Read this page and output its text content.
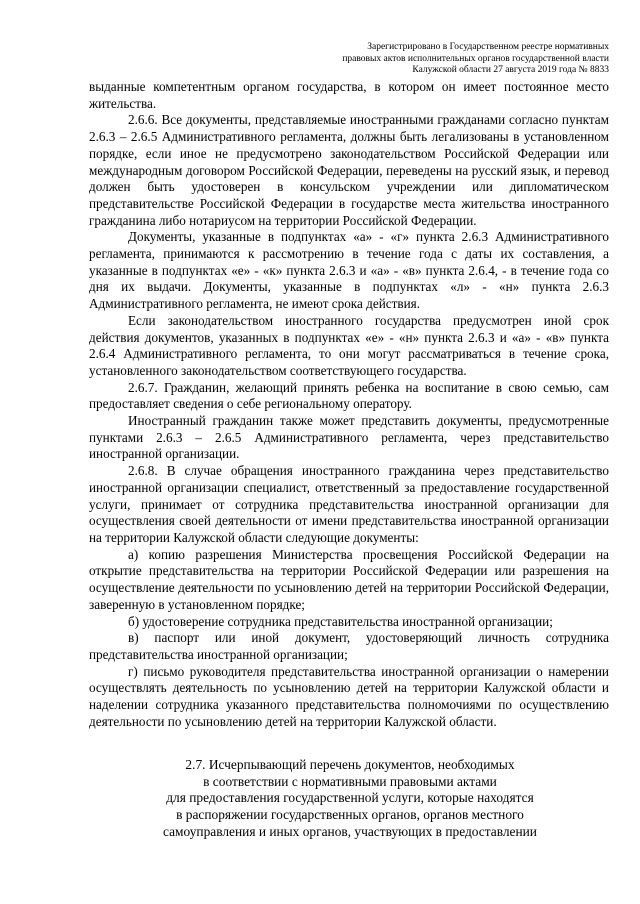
Зарегистрировано в Государственном реестре нормативных
правовых актов исполнительных органов государственной власти
Калужской области 27 августа 2019 года № 8833

выданные компетентным органом государства, в котором он имеет постоянное место жительства.

2.6.6. Все документы, представляемые иностранными гражданами согласно пунктам 2.6.3 – 2.6.5 Административного регламента, должны быть легализованы в установленном порядке, если иное не предусмотрено законодательством Российской Федерации или международным договором Российской Федерации, переведены на русский язык, и перевод должен быть удостоверен в консульском учреждении или дипломатическом представительстве Российской Федерации в государстве места жительства иностранного гражданина либо нотариусом на территории Российской Федерации.

Документы, указанные в подпунктах «а» - «г» пункта 2.6.3 Административного регламента, принимаются к рассмотрению в течение года с даты их составления, а указанные в подпунктах «е» - «к» пункта 2.6.3 и «а» - «в» пункта 2.6.4, - в течение года со дня их выдачи. Документы, указанные в подпунктах «л» - «н» пункта 2.6.3 Административного регламента, не имеют срока действия.

Если законодательством иностранного государства предусмотрен иной срок действия документов, указанных в подпунктах «е» - «н» пункта 2.6.3 и «а» - «в» пункта 2.6.4 Административного регламента, то они могут рассматриваться в течение срока, установленного законодательством соответствующего государства.

2.6.7. Гражданин, желающий принять ребенка на воспитание в свою семью, сам предоставляет сведения о себе региональному оператору.

Иностранный гражданин также может представить документы, предусмотренные пунктами 2.6.3 – 2.6.5 Административного регламента, через представительство иностранной организации.

2.6.8. В случае обращения иностранного гражданина через представительство иностранной организации специалист, ответственный за предоставление государственной услуги, принимает от сотрудника представительства иностранной организации для осуществления своей деятельности от имени представительства иностранной организации на территории Калужской области следующие документы:

а) копию разрешения Министерства просвещения Российской Федерации на открытие представительства на территории Российской Федерации или разрешения на осуществление деятельности по усыновлению детей на территории Российской Федерации, заверенную в установленном порядке;

б) удостоверение сотрудника представительства иностранной организации;

в) паспорт или иной документ, удостоверяющий личность сотрудника представительства иностранной организации;

г) письмо руководителя представительства иностранной организации о намерении осуществлять деятельность по усыновлению детей на территории Калужской области и наделении сотрудника указанного представительства полномочиями по осуществлению деятельности по усыновлению детей на территории Калужской области.

2.7. Исчерпывающий перечень документов, необходимых
в соответствии с нормативными правовыми актами
для предоставления государственной услуги, которые находятся
в распоряжении государственных органов, органов местного
самоуправления и иных органов, участвующих в предоставлении
